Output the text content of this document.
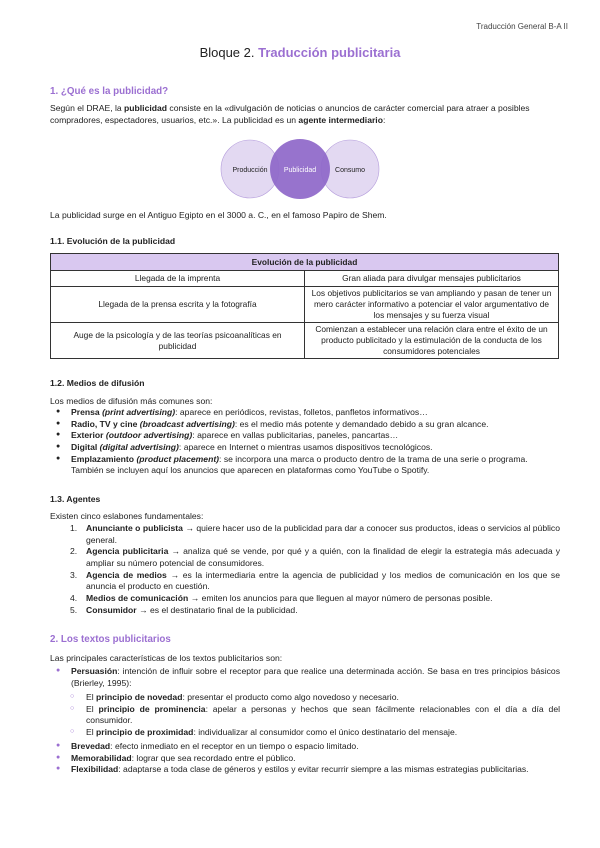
Traducción General B-A II
Bloque 2. Traducción publicitaria
1. ¿Qué es la publicidad?

Según el DRAE, la publicidad consiste en la «divulgación de noticias o anuncios de carácter comercial para atraer a posibles compradores, espectadores, usuarios, etc.». La publicidad es un agente intermediario:

Producción Publicidad	Consumo

La publicidad surge en el Antiguo Egipto en el 3000 a. C., en el famoso Papiro de Shem.

1.1. Evolución de la publicidad
Evolución de la publicidad	
Llegada de la imprenta	Gran aliada para divulgar mensajes publicitarios
Llegada de la prensa escrita y la fotografía	Los objetivos publicitarios se van ampliando y pasan de tener un mero carácter informativo a potenciar el valor argumentativo de los mensajes y su fuerza visual
Auge de la psicología y de las teorías psicoanalíticas en publicidad	Comienzan a establecer una relación clara entre el éxito de un producto publicitado y la estimulación de la conducta de los consumidores potenciales
1.2. Medios de difusión

Los medios de difusión más comunes son:

● Prensa (print advertising): aparece en periódicos, revistas, folletos, panfletos informativos…
● Radio, TV y cine (broadcast advertising): es el medio más potente y demandado debido a su gran alcance.
● Exterior (outdoor advertising): aparece en vallas publicitarias, paneles, pancartas…
● Digital (digital advertising): aparece en Internet o mientras usamos dispositivos tecnológicos.
● Emplazamiento (product placement): se incorpora una marca o producto dentro de la trama de una serie o programa. También se incluyen aquí los anuncios que aparecen en plataformas como YouTube o Spotify.
1.3. Agentes

Existen cinco eslabones fundamentales:

1. Anunciante o publicista → quiere hacer uso de la publicidad para dar a conocer sus productos, ideas o servicios al público general.
2. Agencia publicitaria → analiza qué se vende, por qué y a quién, con la finalidad de elegir la estrategia más adecuada y ampliar su número potencial de consumidores.
3. Agencia de medios → es la intermediaria entre la agencia de publicidad y los medios de comunicación en los que se anuncia el producto en cuestión.
4. Medios de comunicación → emiten los anuncios para que lleguen al mayor número de personas posible.
5. Consumidor → es el destinatario final de la publicidad.
2. Los textos publicitarios

Las principales características de los textos publicitarios son:

● Persuasión: intención de influir sobre el receptor para que realice una determinada acción. Se basa en tres principios básicos (Brierley, 1995):
○ El principio de novedad: presentar el producto como algo novedoso y necesario.
○ El principio de prominencia: apelar a personas y hechos que sean fácilmente relacionables con el día a día del consumidor.
○ El principio de proximidad: individualizar al consumidor como el único destinatario del mensaje.
● Brevedad: efecto inmediato en el receptor en un tiempo o espacio limitado.
● Memorabilidad: lograr que sea recordado entre el público.
● Flexibilidad: adaptarse a toda clase de géneros y estilos y evitar recurrir siempre a las mismas estrategias publicitarias.
